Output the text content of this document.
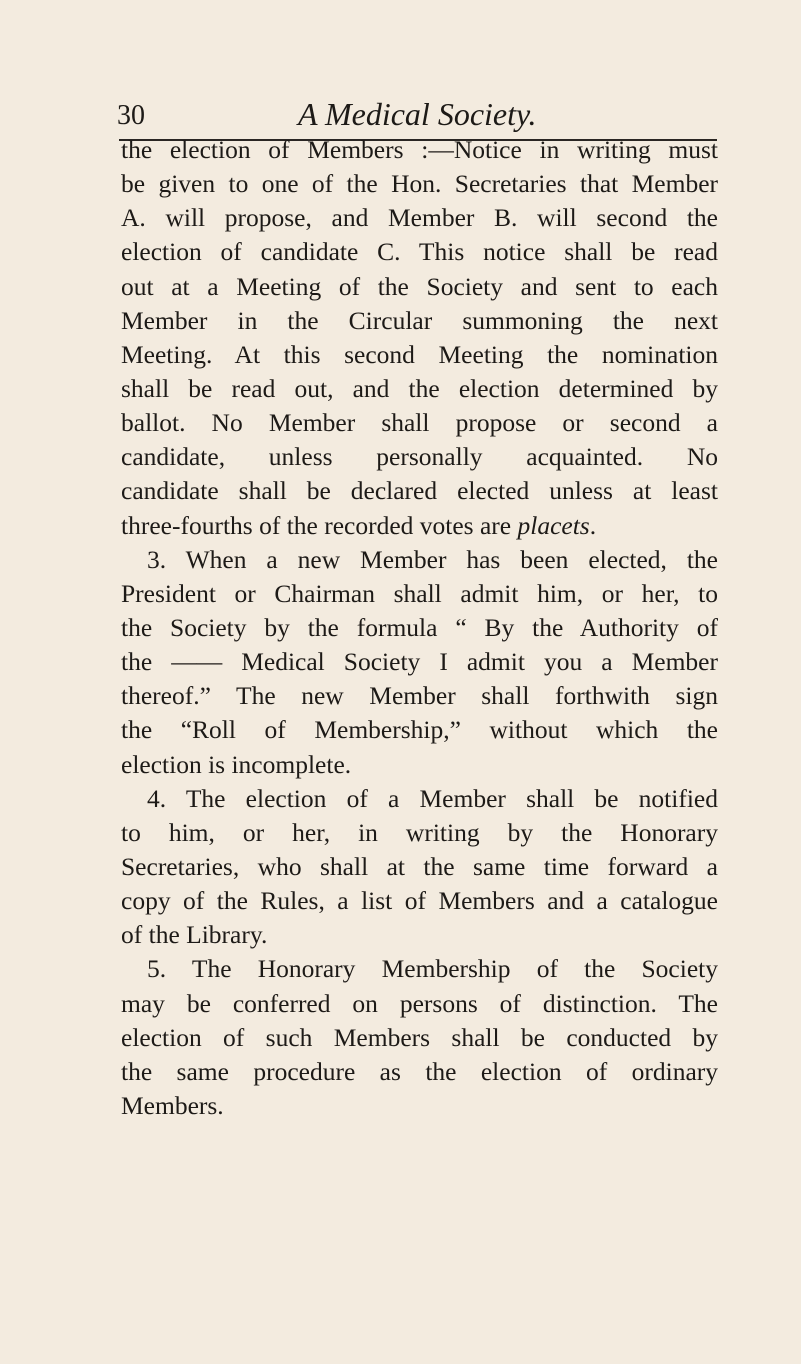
30	A Medical Society.
the election of Members :—Notice in writing must
be given to one of the Hon. Secretaries that Member
A. will propose, and Member B. will second the
election of candidate C. This notice shall be read
out at a Meeting of the Society and sent to each
Member in the Circular summoning the next
Meeting. At this second Meeting the nomination
shall be read out, and the election determined by
ballot. No Member shall propose or second a
candidate, unless personally acquainted. No
candidate shall be declared elected unless at least
three-fourths of the recorded votes are placets.
3. When a new Member has been elected, the
President or Chairman shall admit him, or her, to
the Society by the formula “ By the Authority of
the —— Medical Society I admit you a Member
thereof.” The new Member shall forthwith sign
the “Roll of Membership,” without which the
election is incomplete.
4. The election of a Member shall be notified
to him, or her, in writing by the Honorary
Secretaries, who shall at the same time forward a
copy of the Rules, a list of Members and a catalogue
of the Library.
5. The Honorary Membership of the Society
may be conferred on persons of distinction. The
election of such Members shall be conducted by
the same procedure as the election of ordinary
Members.
